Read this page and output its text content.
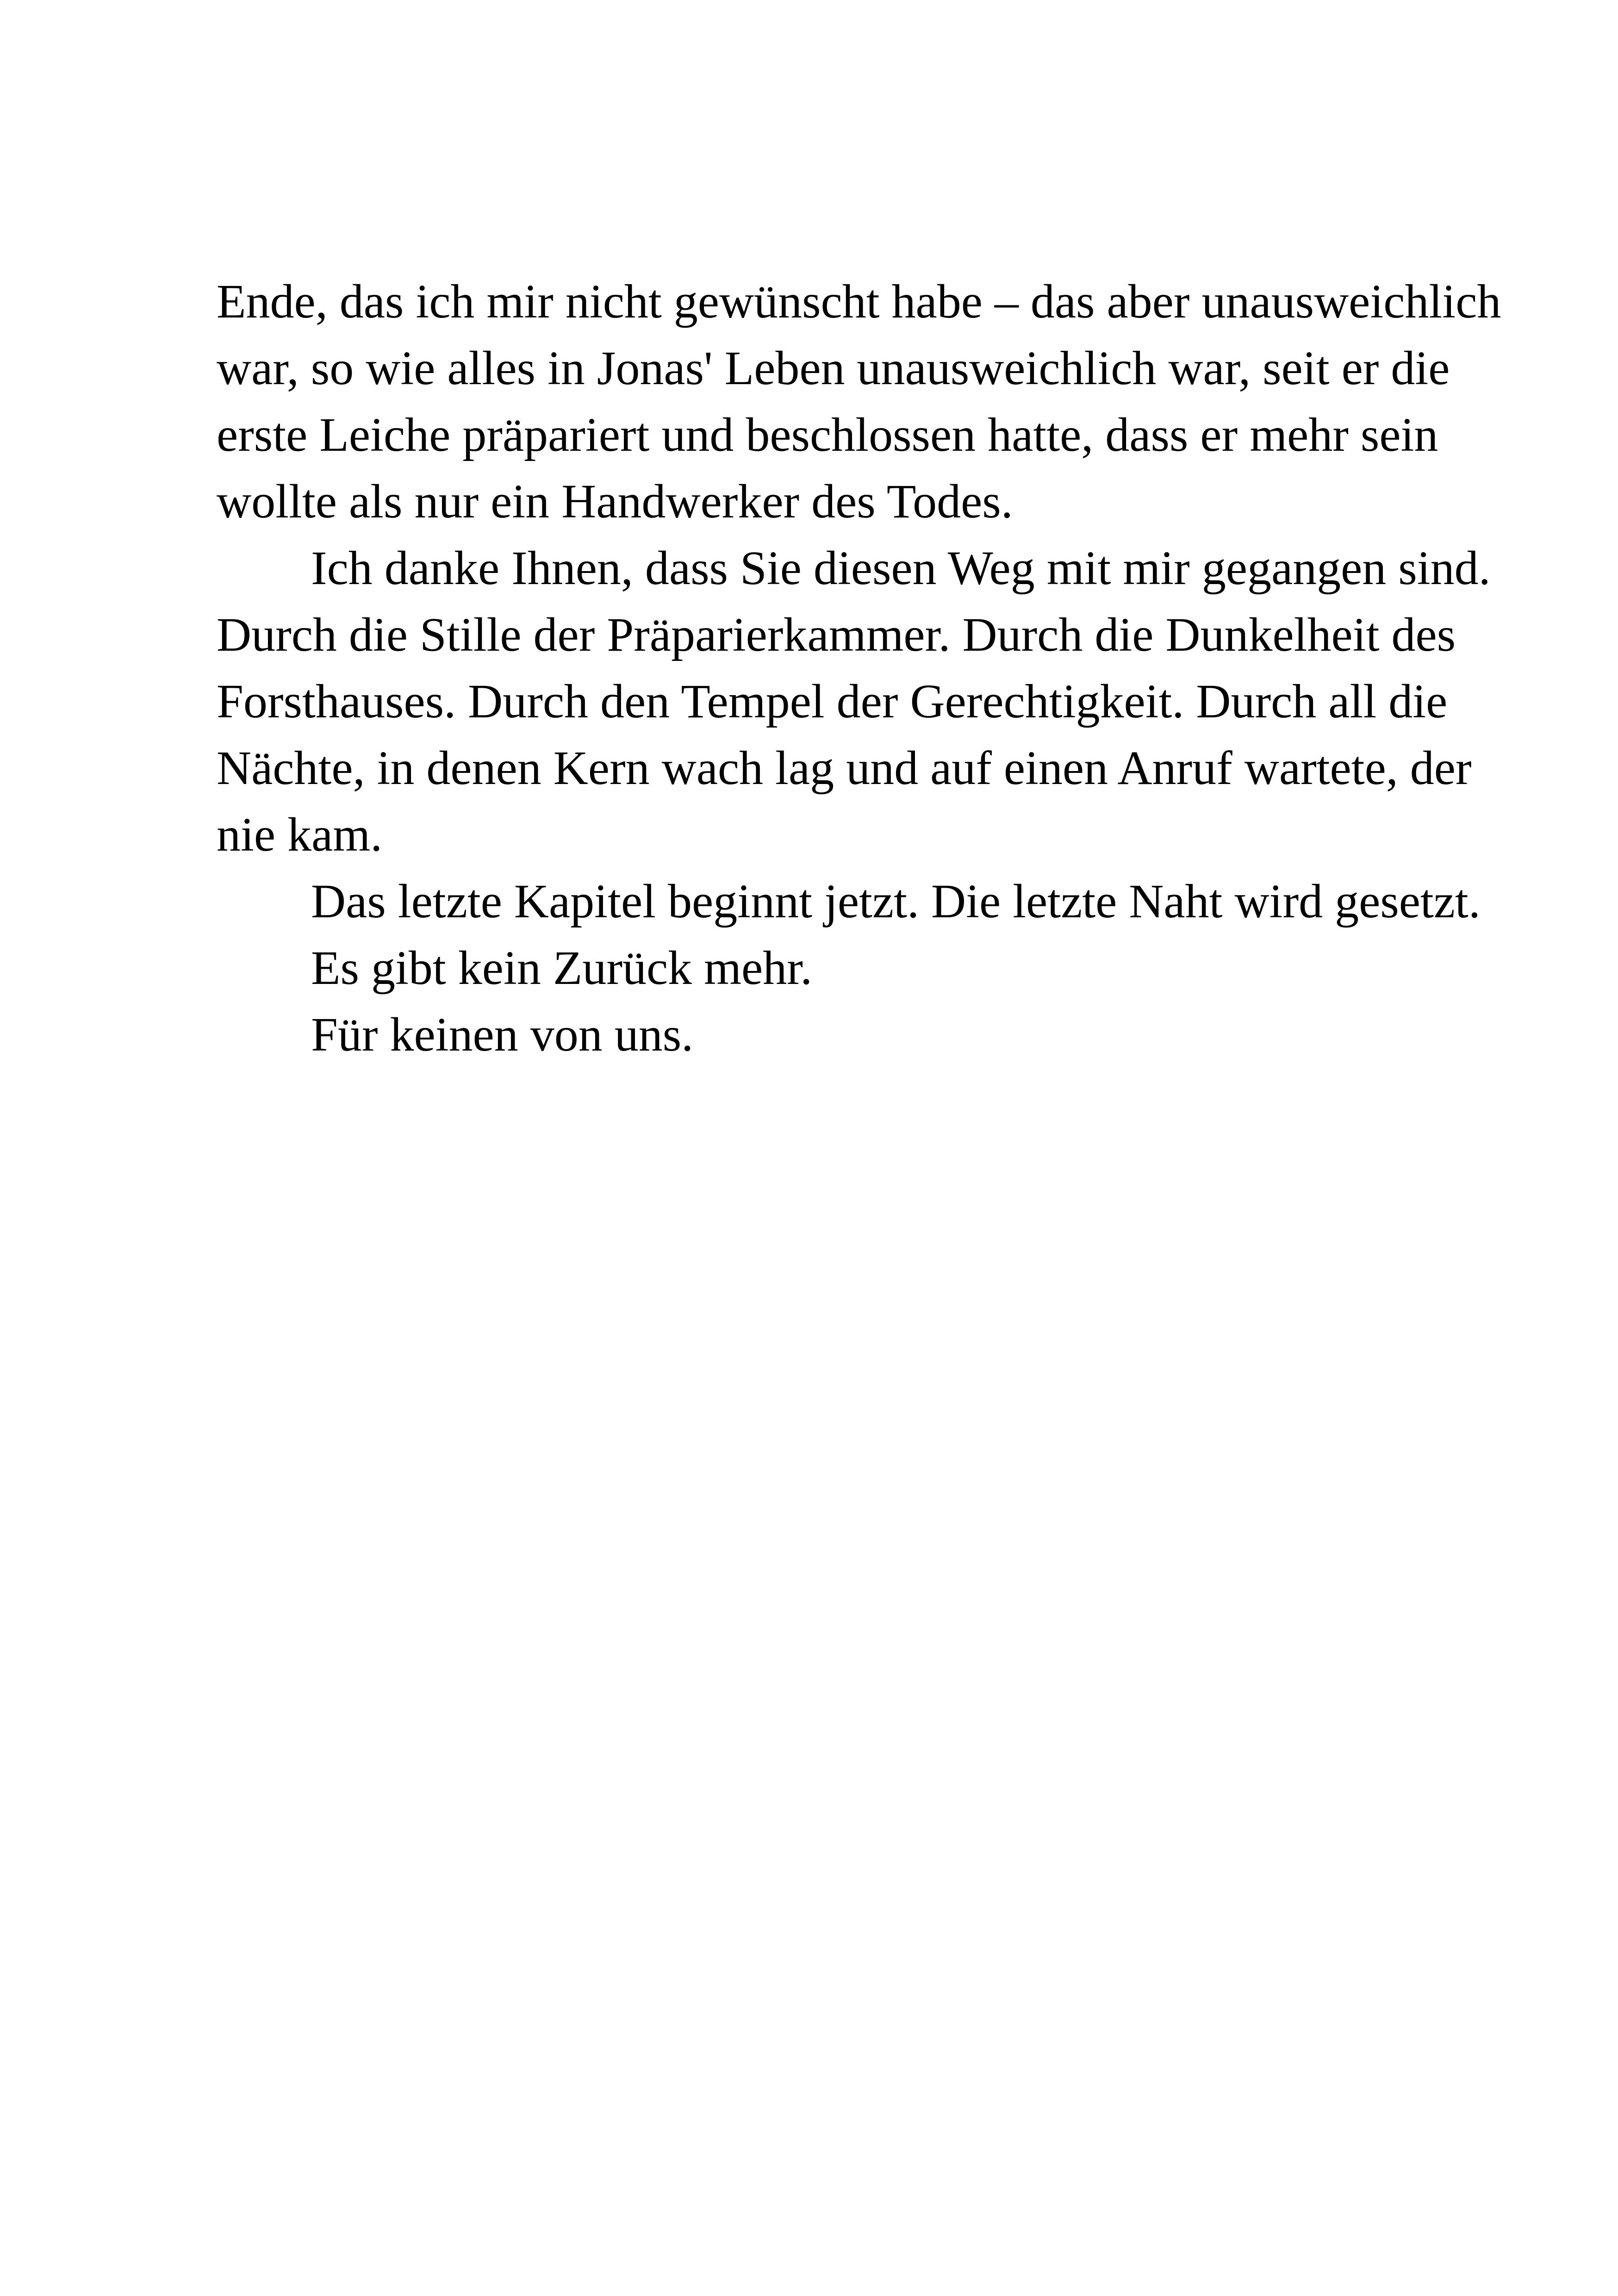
Ende, das ich mir nicht gewünscht habe – das aber unausweichlich
war, so wie alles in Jonas' Leben unausweichlich war, seit er die
erste Leiche präpariert und beschlossen hatte, dass er mehr sein
wollte als nur ein Handwerker des Todes.

Ich danke Ihnen, dass Sie diesen Weg mit mir gegangen sind.
Durch die Stille der Präparierkammer. Durch die Dunkelheit des
Forsthauses. Durch den Tempel der Gerechtigkeit. Durch all die
Nächte, in denen Kern wach lag und auf einen Anruf wartete, der
nie kam.

Das letzte Kapitel beginnt jetzt. Die letzte Naht wird gesetzt.

Es gibt kein Zurück mehr.

Für keinen von uns.
